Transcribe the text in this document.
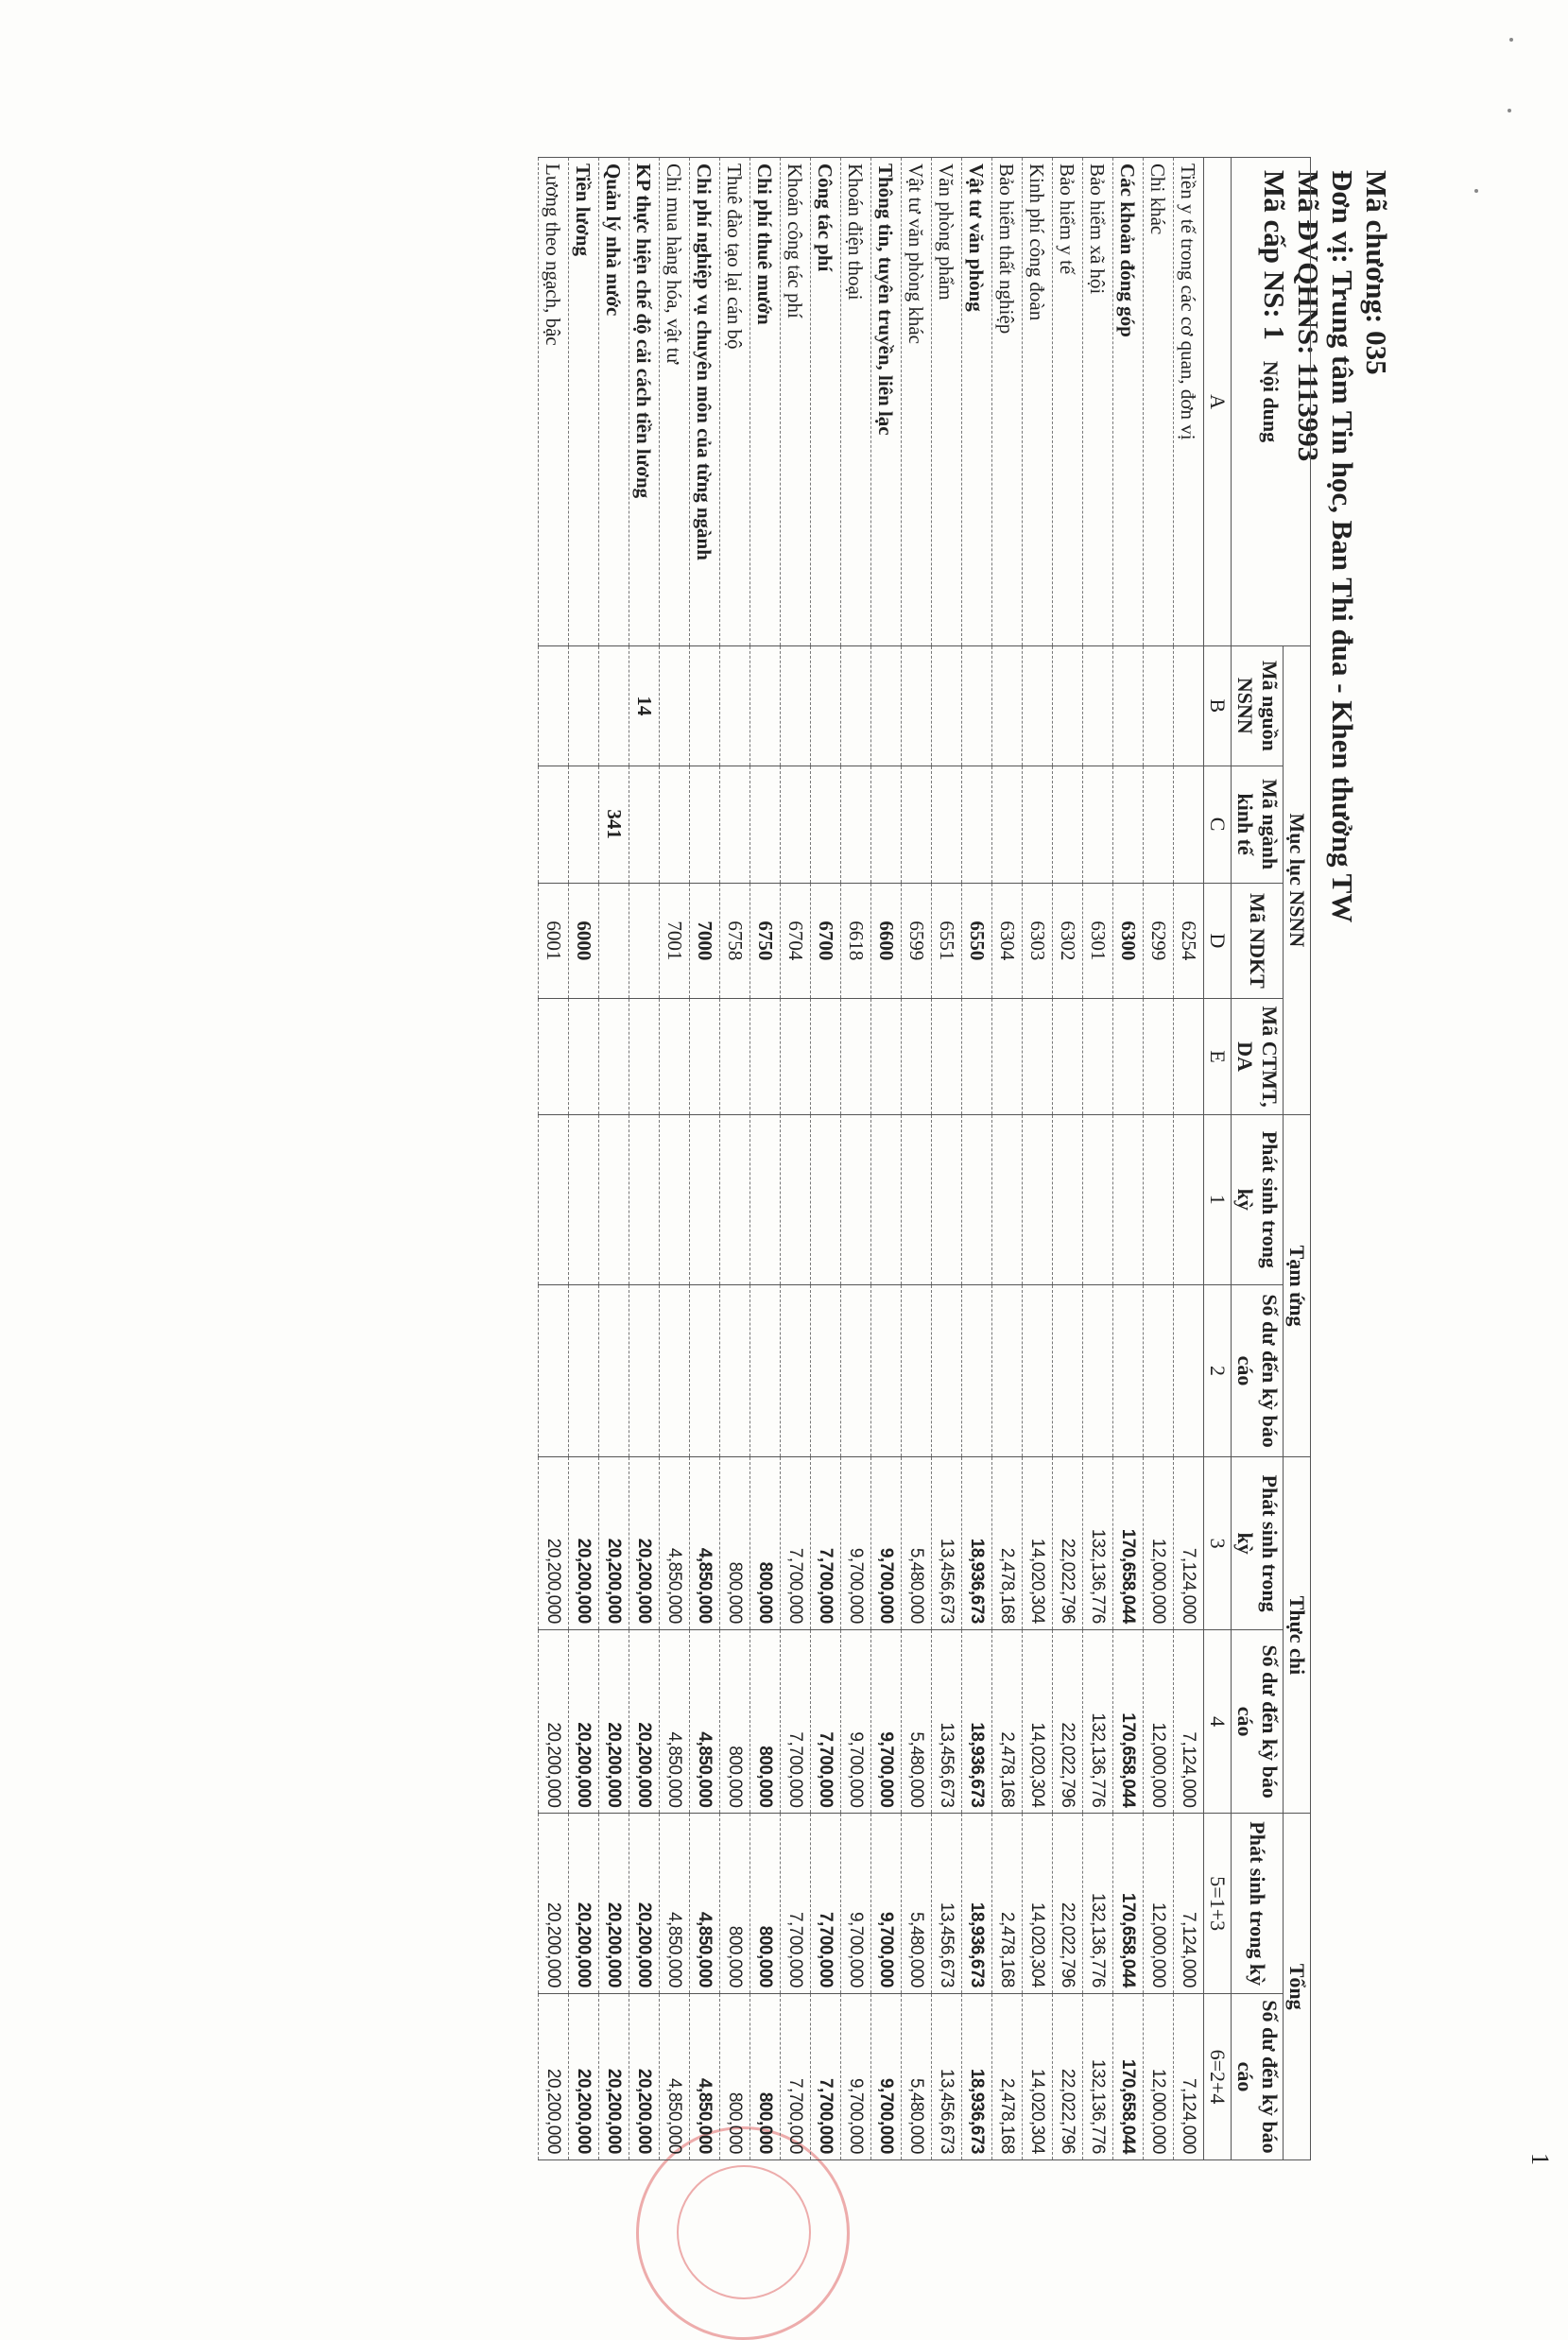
Mã chương: 035
Đơn vị: Trung tâm Tin học, Ban Thi đua - Khen thưởng TW
Mã ĐVQHNS: 1113993
Mã cấp NS: 1
1
Nội dung	Mục lục NSNN				Tạm ứng		Thực chi		Tổng	
	Mã nguồn NSNN	Mã ngành kinh tế	Mã NDKT	Mã CTMT, DA	Phát sinh trong kỳ	Số dư đến kỳ báo cáo	Phát sinh trong kỳ	Số dư đến kỳ báo cáo	Phát sinh trong kỳ	Số dư đến kỳ báo cáo
A	B	C	D	E	1	2	3	4	5=1+3	6=2+4
Tiền y tế trong các cơ quan, đơn vị			6254				7,124,000	7,124,000	7,124,000	7,124,000
Chi khác			6299				12,000,000	12,000,000	12,000,000	12,000,000
Các khoản đóng góp			6300				170,658,044	170,658,044	170,658,044	170,658,044
Bảo hiểm xã hội			6301				132,136,776	132,136,776	132,136,776	132,136,776
Bảo hiểm y tế			6302				22,022,796	22,022,796	22,022,796	22,022,796
Kinh phí công đoàn			6303				14,020,304	14,020,304	14,020,304	14,020,304
Bảo hiểm thất nghiệp			6304				2,478,168	2,478,168	2,478,168	2,478,168
Vật tư văn phòng			6550				18,936,673	18,936,673	18,936,673	18,936,673
Văn phòng phẩm			6551				13,456,673	13,456,673	13,456,673	13,456,673
Vật tư văn phòng khác			6599				5,480,000	5,480,000	5,480,000	5,480,000
Thông tin, tuyên truyền, liên lạc			6600				9,700,000	9,700,000	9,700,000	9,700,000
Khoán điện thoại			6618				9,700,000	9,700,000	9,700,000	9,700,000
Công tác phí			6700				7,700,000	7,700,000	7,700,000	7,700,000
Khoán công tác phí			6704				7,700,000	7,700,000	7,700,000	7,700,000
Chi phí thuê mướn			6750				800,000	800,000	800,000	800,000
Thuê đào tạo lại cán bộ			6758				800,000	800,000	800,000	800,000
Chi phí nghiệp vụ chuyên môn của từng ngành			7000				4,850,000	4,850,000	4,850,000	4,850,000
Chi mua hàng hóa, vật tư			7001				4,850,000	4,850,000	4,850,000	4,850,000
KP thực hiện chế độ cải cách tiền lương	14						20,200,000	20,200,000	20,200,000	20,200,000
Quản lý nhà nước		341					20,200,000	20,200,000	20,200,000	20,200,000
Tiền lương			6000				20,200,000	20,200,000	20,200,000	20,200,000
Lương theo ngạch, bậc			6001				20,200,000	20,200,000	20,200,000	20,200,000
